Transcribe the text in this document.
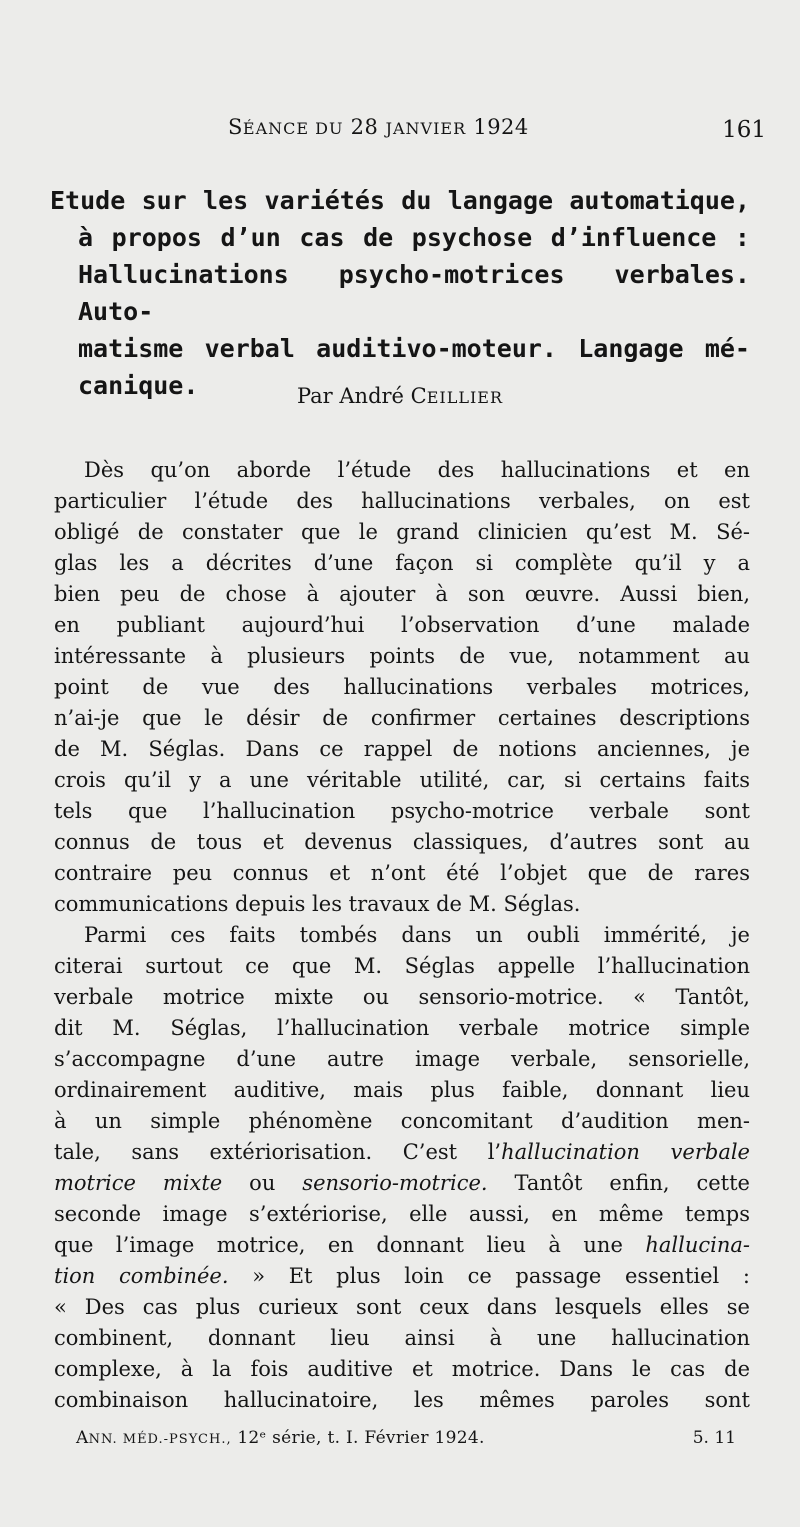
SÉANCE DU 28 JANVIER 1924	161
Etude sur les variétés du langage automatique,
à propos d’un cas de psychose d’influence :
Hallucinations psycho-motrices verbales. Auto-
matisme verbal auditivo-moteur. Langage mé-
canique.	Par André CEILLIER
Dès qu’on aborde l’étude des hallucinations et en
particulier l’étude des hallucinations verbales, on est
obligé de constater que le grand clinicien qu’est M. Sé-
glas les a décrites d’une façon si complète qu’il y a
bien peu de chose à ajouter à son œuvre. Aussi bien,
en publiant aujourd’hui l’observation d’une malade
intéressante à plusieurs points de vue, notamment au
point de vue des hallucinations verbales motrices,
n’ai-je que le désir de confirmer certaines descriptions
de M. Séglas. Dans ce rappel de notions anciennes, je
crois qu’il y a une véritable utilité, car, si certains faits
tels que l’hallucination psycho-motrice verbale sont
connus de tous et devenus classiques, d’autres sont au
contraire peu connus et n’ont été l’objet que de rares
communications depuis les travaux de M. Séglas.
Parmi ces faits tombés dans un oubli immérité, je
citerai surtout ce que M. Séglas appelle l’hallucination
verbale motrice mixte ou sensorio-motrice. « Tantôt,
dit M. Séglas, l’hallucination verbale motrice simple
s’accompagne d’une autre image verbale, sensorielle,
ordinairement auditive, mais plus faible, donnant lieu
à un simple phénomène concomitant d’audition men-
tale, sans extériorisation. C’est l’hallucination verbale
motrice mixte ou sensorio-motrice. Tantôt enfin, cette
seconde image s’extériorise, elle aussi, en même temps
que l’image motrice, en donnant lieu à une hallucina-
tion combinée. » Et plus loin ce passage essentiel :
« Des cas plus curieux sont ceux dans lesquels elles se
combinent, donnant lieu ainsi à une hallucination
complexe, à la fois auditive et motrice. Dans le cas de
combinaison hallucinatoire, les mêmes paroles sont
ANN. MÉD.-PSYCH., 12ᵉ série, t. I. Février 1924.	5. 11
